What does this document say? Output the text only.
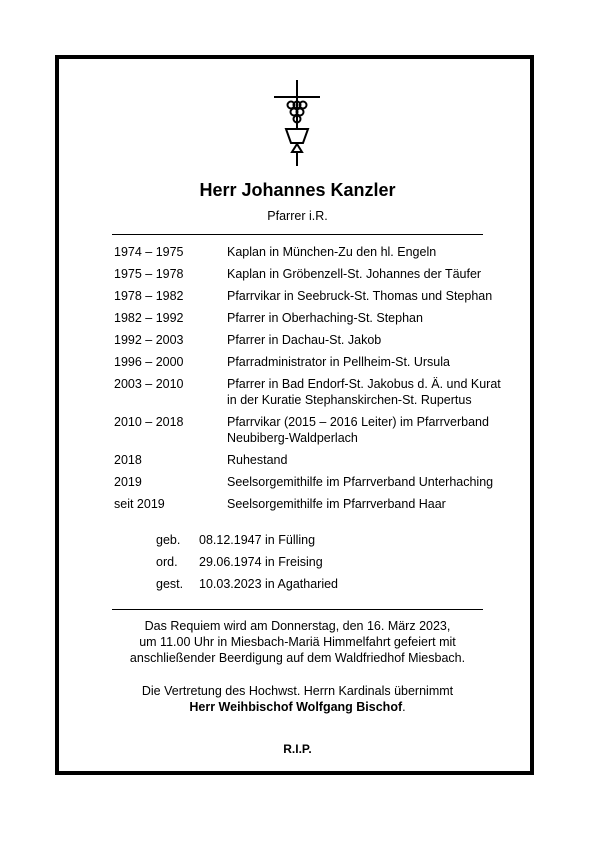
Herr Johannes Kanzler
Pfarrer i.R.
1974 – 1975	Kaplan in München-Zu den hl. Engeln
1975 – 1978	Kaplan in Gröbenzell-St. Johannes der Täufer
1978 – 1982	Pfarrvikar in Seebruck-St. Thomas und Stephan
1982 – 1992	Pfarrer in Oberhaching-St. Stephan
1992 – 2003	Pfarrer in Dachau-St. Jakob
1996 – 2000	Pfarradministrator in Pellheim-St. Ursula
2003 – 2010	Pfarrer in Bad Endorf-St. Jakobus d. Ä. und Kurat
in der Kuratie Stephanskirchen-St. Rupertus
2010 – 2018	Pfarrvikar (2015 – 2016 Leiter) im Pfarrverband
Neubiberg-Waldperlach
2018	Ruhestand
2019	Seelsorgemithilfe im Pfarrverband Unterhaching
seit 2019	Seelsorgemithilfe im Pfarrverband Haar
geb.	08.12.1947 in Fülling
ord.	29.06.1974 in Freising
gest.	10.03.2023 in Agatharied

Das Requiem wird am Donnerstag, den 16. März 2023,

um 11.00 Uhr in Miesbach-Mariä Himmelfahrt gefeiert mit

anschließender Beerdigung auf dem Waldfriedhof Miesbach.

Die Vertretung des Hochwst. Herrn Kardinals übernimmt

Herr Weihbischof Wolfgang Bischof.

R.I.P.
